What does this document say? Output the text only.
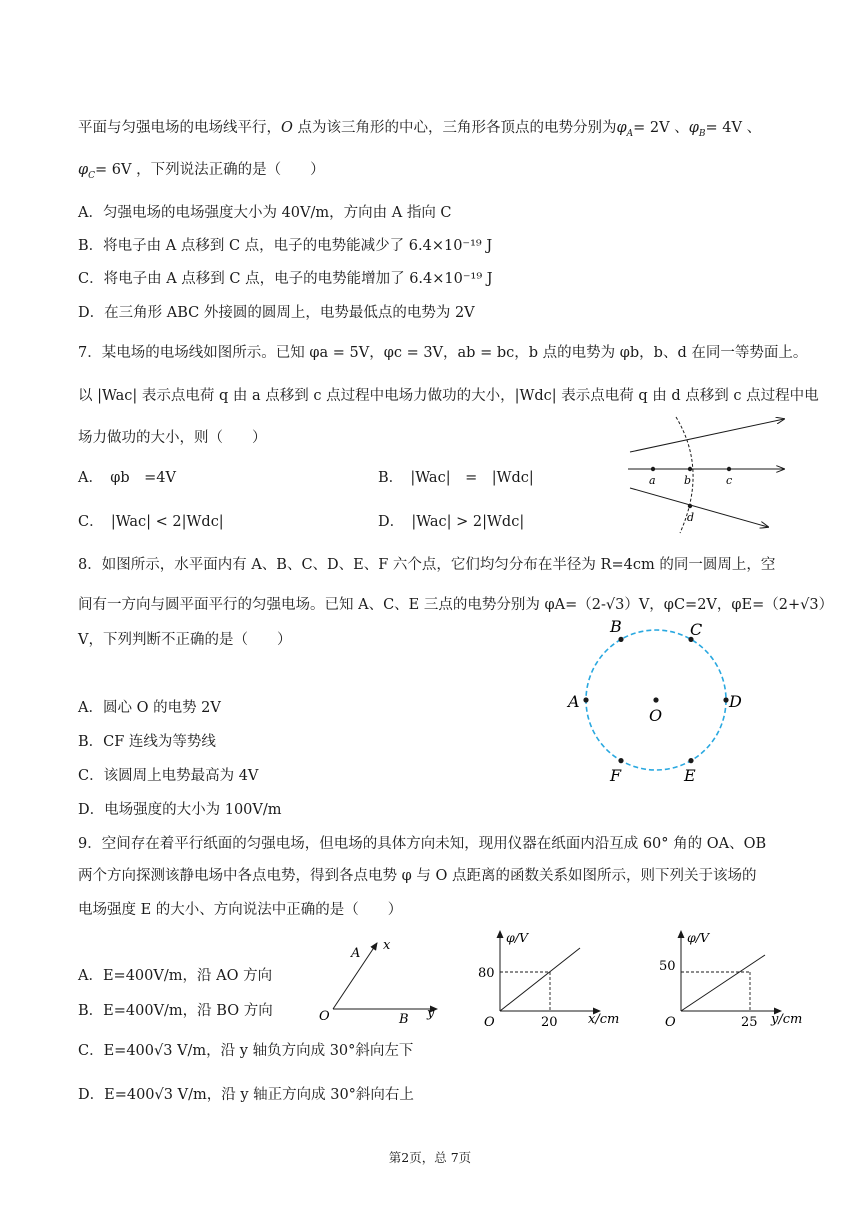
平面与匀强电场的电场线平行，O 点为该三角形的中心，三角形各顶点的电势分别为$\varphi_A= 2V$ 、$\varphi_B= 4V$ 、
$\varphi_C= 6V$ ，下列说法正确的是（　　）
A．匀强电场的电场强度大小为 40V/m，方向由 A 指向 C
B．将电子由 A 点移到 C 点，电子的电势能减少了 6.4×10⁻¹⁹ J
C．将电子由 A 点移到 C 点，电子的电势能增加了 6.4×10⁻¹⁹ J
D．在三角形 ABC 外接圆的圆周上，电势最低点的电势为 2V
7．某电场的电场线如图所示。已知 φa = 5V，φc = 3V，ab = bc，b 点的电势为 φb，b、d 在同一等势面上。
以 |Wac| 表示点电荷 q 由 a 点移到 c 点过程中电场力做功的大小，|Wdc| 表示点电荷 q 由 d 点移到 c 点过程中电
场力做功的大小，则（　　）
A．　φb　=4V	B．　|Wac|　=　|Wdc|
C．　|Wac| < 2|Wdc|	D．　|Wac| > 2|Wdc|
a	b	c
d
8．如图所示，水平面内有 A、B、C、D、E、F 六个点，它们均匀分布在半径为 R=4cm 的同一圆周上，空
间有一方向与圆平面平行的匀强电场。已知 A、C、E 三点的电势分别为 φA=（2-√3）V，φC=2V，φE=（2+√3）
V，下列判断不正确的是（　　）
A．圆心 O 的电势 2V
B．CF 连线为等势线
C．该圆周上电势最高为 4V
D．电场强度的大小为 100V/m
A
B	C
D
E
F
O
9．空间存在着平行纸面的匀强电场，但电场的具体方向未知，现用仪器在纸面内沿互成 60° 角的 OA、OB
两个方向探测该静电场中各点电势，得到各点电势 φ 与 O 点距离的函数关系如图所示，则下列关于该场的
电场强度 E 的大小、方向说法中正确的是（　　）
A．E=400V/m，沿 AO 方向
B．E=400V/m，沿 BO 方向
C．E=400√3 V/m，沿 y 轴负方向成 30°斜向左下
D．E=400√3 V/m，沿 y 轴正方向成 30°斜向右上
A
x
O	B y
φ/V
80
O	20 x/cm
φ/V
50
O	25 y/cm
第2页，总 7页
